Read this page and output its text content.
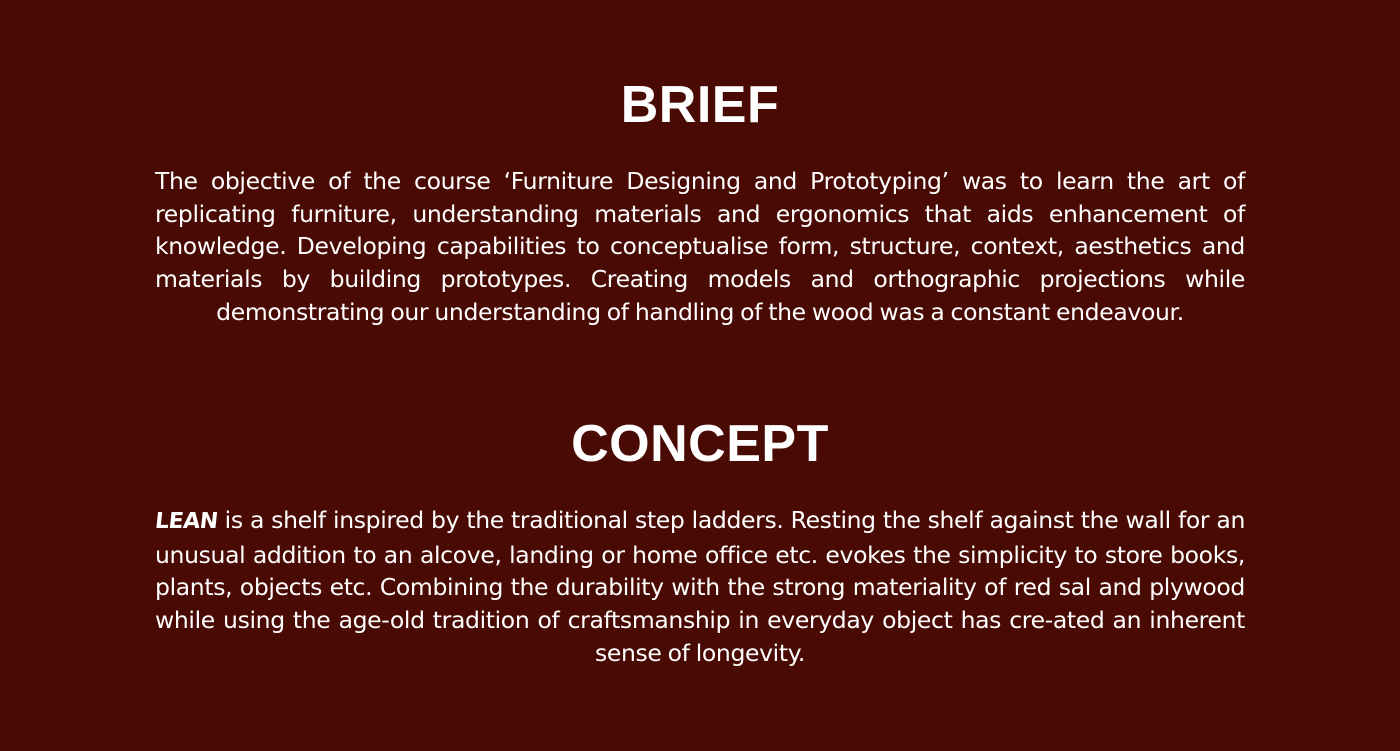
BRIEF

The objective of the course ‘Furniture Designing and Prototyping’ was to learn the art of replicating furniture, understanding materials and ergonomics that aids enhancement of knowledge. Developing capabilities to conceptualise form, structure, context, aesthetics and materials by building prototypes. Creating models and orthographic projections while demonstrating our understanding of handling of the wood was a constant endeavour.

CONCEPT

LEAN is a shelf inspired by the traditional step ladders. Resting the shelf against the wall for an unusual addition to an alcove, landing or home office etc. evokes the simplicity to store books, plants, objects etc. Combining the durability with the strong materiality of red sal and plywood while using the age-old tradition of craftsmanship in everyday object has cre-ated an inherent sense of longevity.
